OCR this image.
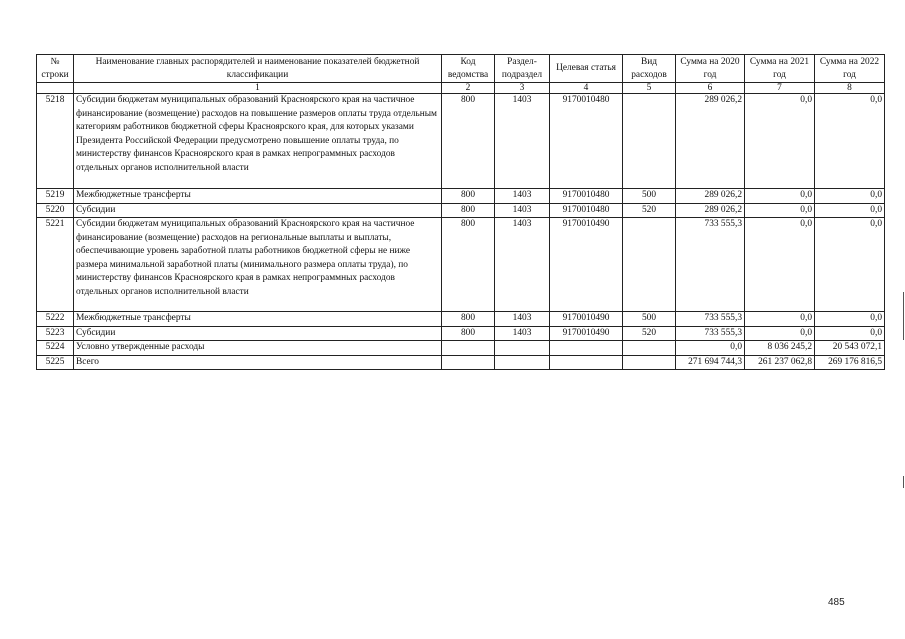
№ строки	Наименование главных распорядителей и наименование показателей бюджетной классификации	Код ведомства	Раздел-подраздел	Целевая статья	Вид расходов	Сумма на 2020 год	Сумма на 2021 год	Сумма на 2022 год
	1	2	3	4	5	6	7	8
5218	Субсидии бюджетам муниципальных образований Красноярского края на частичное финансирование (возмещение) расходов на повышение размеров оплаты труда отдельным категориям работников бюджетной сферы Красноярского края, для которых указами Президента Российской Федерации предусмотрено повышение оплаты труда, по министерству финансов Красноярского края в рамках непрограммных расходов отдельных органов исполнительной власти	800	1403	9170010480		289 026,2	0,0	0,0
5219	Межбюджетные трансферты	800	1403	9170010480	500	289 026,2	0,0	0,0
5220	Субсидии	800	1403	9170010480	520	289 026,2	0,0	0,0
5221	Субсидии бюджетам муниципальных образований Красноярского края на частичное финансирование (возмещение) расходов на региональные выплаты и выплаты, обеспечивающие уровень заработной платы работников бюджетной сферы не ниже размера минимальной заработной платы (минимального размера оплаты труда), по министерству финансов Красноярского края в рамках непрограммных расходов отдельных органов исполнительной власти	800	1403	9170010490		733 555,3	0,0	0,0
5222	Межбюджетные трансферты	800	1403	9170010490	500	733 555,3	0,0	0,0
5223	Субсидии	800	1403	9170010490	520	733 555,3	0,0	0,0
5224	Условно утвержденные расходы					0,0	8 036 245,2	20 543 072,1
5225	Всего					271 694 744,3	261 237 062,8	269 176 816,5
485
